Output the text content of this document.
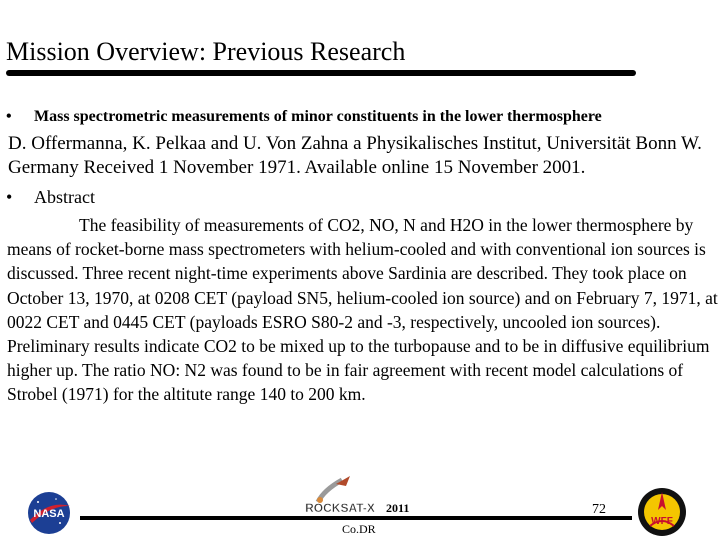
Mission Overview: Previous Research
• Mass spectrometric measurements of minor constituents in the lower thermosphere
D. Offermanna, K. Pelkaa and U. Von Zahna a Physikalisches Institut, Universität Bonn W. Germany Received 1 November 1971. Available online 15 November 2001.
• Abstract
The feasibility of measurements of CO2, NO, N and H2O in the lower thermosphere by means of rocket-borne mass spectrometers with helium-cooled and with conventional ion sources is discussed. Three recent night-time experiments above Sardinia are described. They took place on October 13, 1970, at 0208 CET (payload SN5, helium-cooled ion source) and on February 7, 1971, at 0022 CET and 0445 CET (payloads ESRO S80-2 and -3, respectively, uncooled ion sources). Preliminary results indicate CO2 to be mixed up to the turbopause and to be in diffusive equilibrium higher up. The ratio NO: N2 was found to be in fair agreement with recent model calculations of Strobel (1971) for the altitute range 140 to 200 km.
NASA	ROCKSAT-X 2011
Co.DR
72
WFF
